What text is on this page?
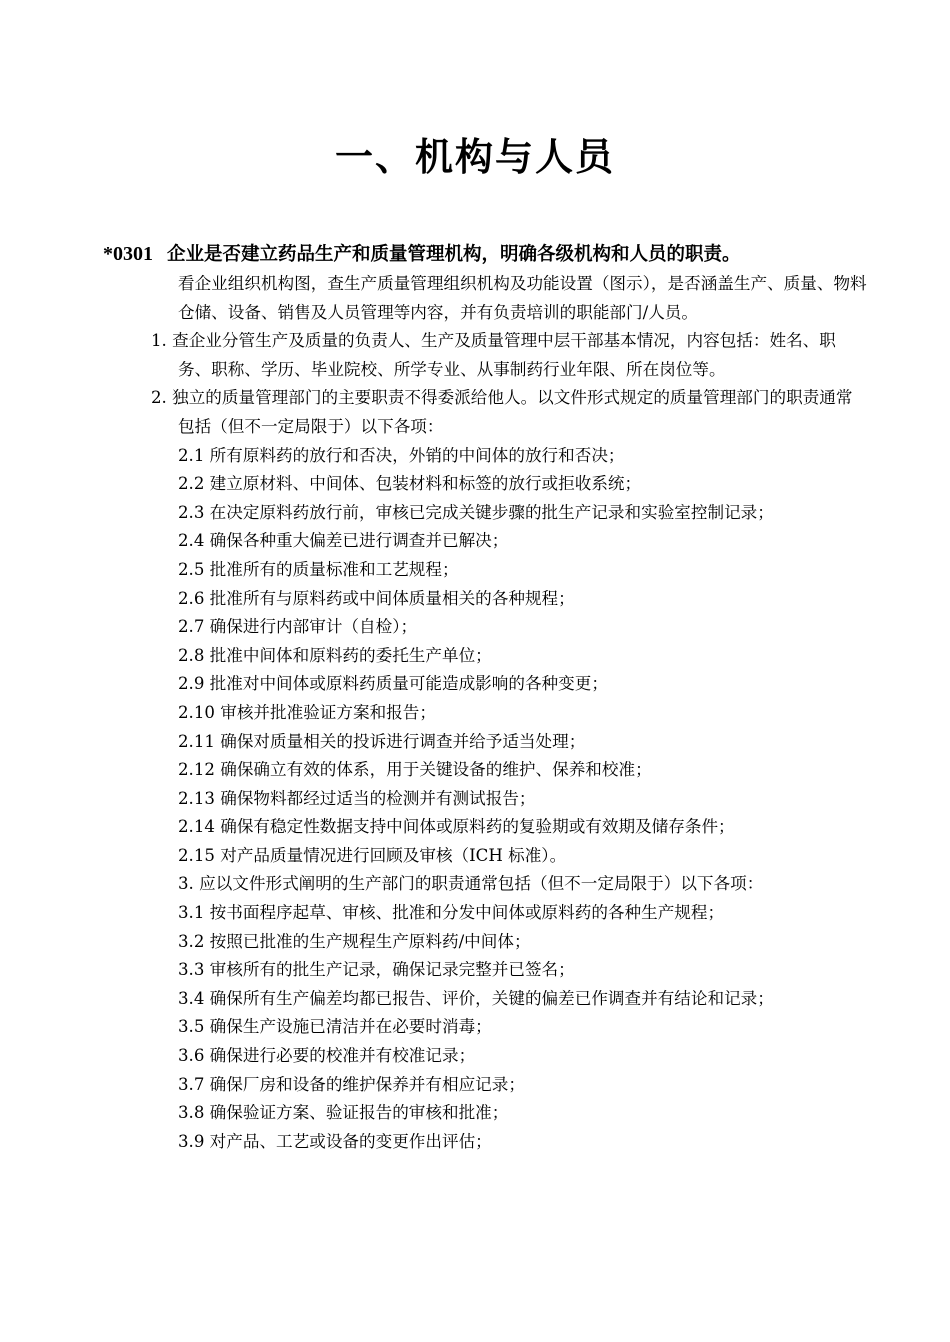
一、机构与人员
*0301 企业是否建立药品生产和质量管理机构，明确各级机构和人员的职责。

看企业组织机构图，查生产质量管理组织机构及功能设置（图示），是否涵盖生产、质量、物料仓储、设备、销售及人员管理等内容，并有负责培训的职能部门/人员。

1. 查企业分管生产及质量的负责人、生产及质量管理中层干部基本情况，内容包括：姓名、职务、职称、学历、毕业院校、所学专业、从事制药行业年限、所在岗位等。

2. 独立的质量管理部门的主要职责不得委派给他人。以文件形式规定的质量管理部门的职责通常包括（但不一定局限于）以下各项：

2.1 所有原料药的放行和否决，外销的中间体的放行和否决；

2.2 建立原材料、中间体、包装材料和标签的放行或拒收系统；

2.3 在决定原料药放行前，审核已完成关键步骤的批生产记录和实验室控制记录；

2.4 确保各种重大偏差已进行调查并已解决；

2.5 批准所有的质量标准和工艺规程；

2.6 批准所有与原料药或中间体质量相关的各种规程；

2.7 确保进行内部审计（自检）；

2.8 批准中间体和原料药的委托生产单位；

2.9 批准对中间体或原料药质量可能造成影响的各种变更；

2.10 审核并批准验证方案和报告；

2.11 确保对质量相关的投诉进行调查并给予适当处理；

2.12 确保确立有效的体系，用于关键设备的维护、保养和校准；

2.13 确保物料都经过适当的检测并有测试报告；

2.14 确保有稳定性数据支持中间体或原料药的复验期或有效期及储存条件；

2.15 对产品质量情况进行回顾及审核（ICH 标准）。

3. 应以文件形式阐明的生产部门的职责通常包括（但不一定局限于）以下各项：

3.1 按书面程序起草、审核、批准和分发中间体或原料药的各种生产规程；

3.2 按照已批准的生产规程生产原料药/中间体；

3.3 审核所有的批生产记录，确保记录完整并已签名；

3.4 确保所有生产偏差均都已报告、评价，关键的偏差已作调查并有结论和记录；

3.5 确保生产设施已清洁并在必要时消毒；

3.6 确保进行必要的校准并有校准记录；

3.7 确保厂房和设备的维护保养并有相应记录；

3.8 确保验证方案、验证报告的审核和批准；

3.9 对产品、工艺或设备的变更作出评估；
